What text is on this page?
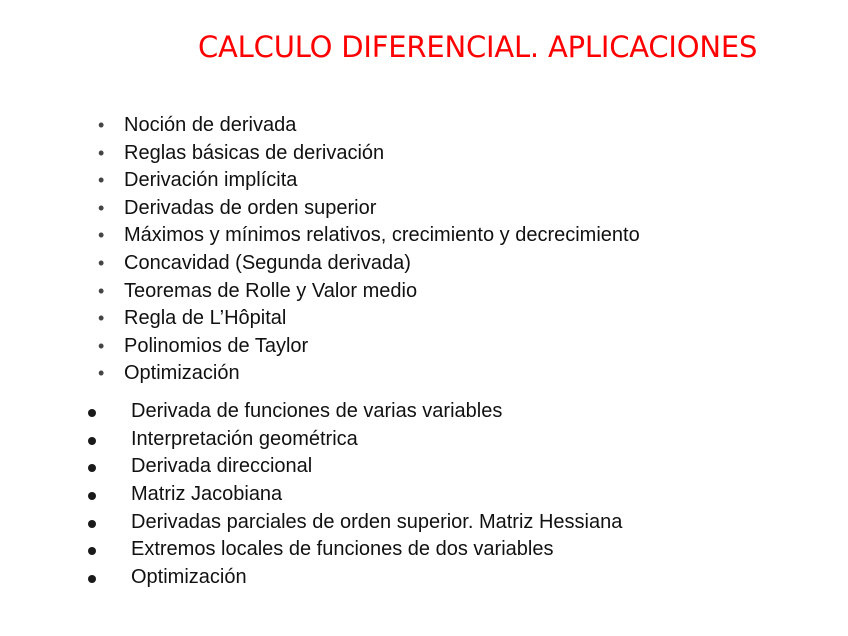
CALCULO DIFERENCIAL. APLICACIONES
• Noción de derivada
• Reglas básicas de derivación
• Derivación implícita
• Derivadas de orden superior
• Máximos y mínimos relativos, crecimiento y decrecimiento
• Concavidad (Segunda derivada)
• Teoremas de Rolle y Valor medio
• Regla de L’Hôpital
• Polinomios de Taylor
• Optimización
Derivada de funciones de varias variables
Interpretación geométrica
Derivada direccional
Matriz Jacobiana
Derivadas parciales de orden superior. Matriz Hessiana
Extremos locales de funciones de dos variables
Optimización
